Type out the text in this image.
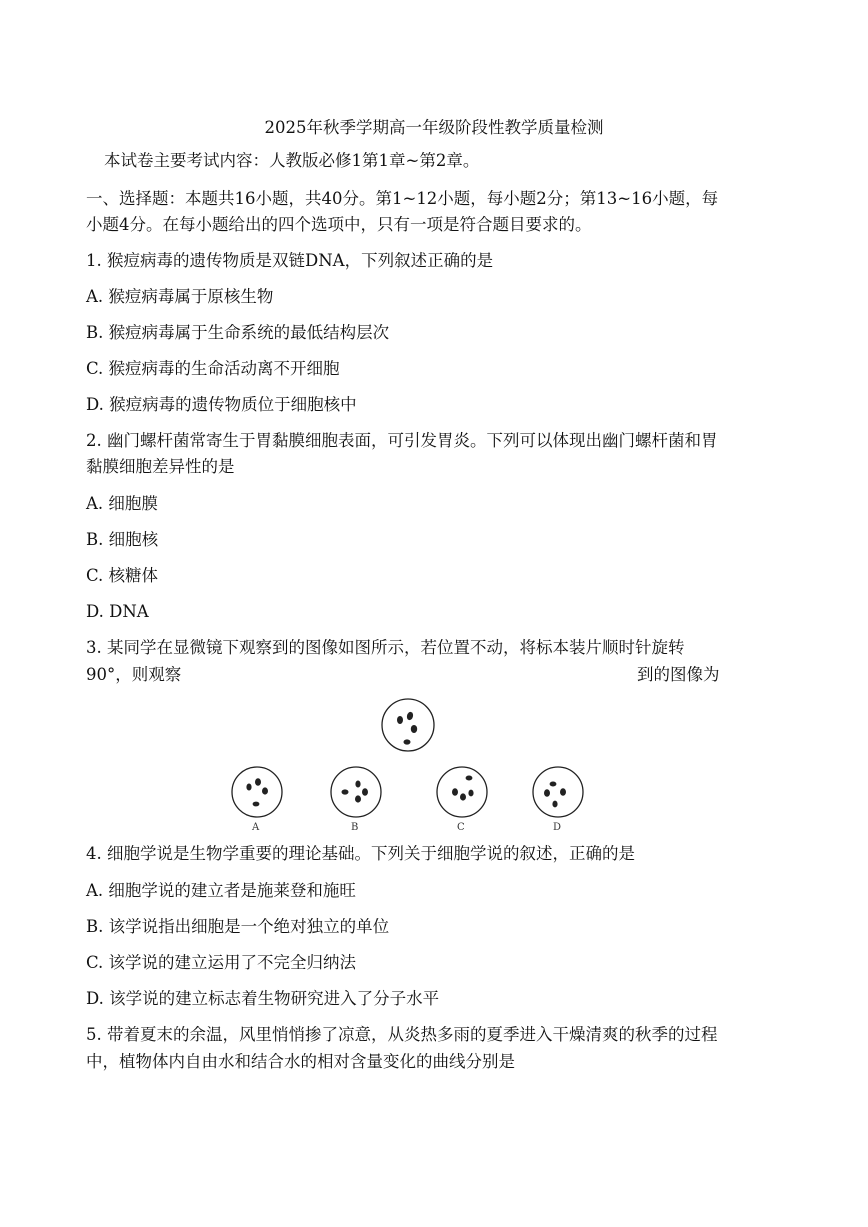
2025年秋季学期高一年级阶段性教学质量检测
本试卷主要考试内容：人教版必修1第1章~第2章。
一、选择题：本题共16小题，共40分。第1~12小题，每小题2分；第13~16小题，每
小题4分。在每小题给出的四个选项中，只有一项是符合题目要求的。
1. 猴痘病毒的遗传物质是双链DNA，下列叙述正确的是
A. 猴痘病毒属于原核生物
B. 猴痘病毒属于生命系统的最低结构层次
C. 猴痘病毒的生命活动离不开细胞
D. 猴痘病毒的遗传物质位于细胞核中
2. 幽门螺杆菌常寄生于胃黏膜细胞表面，可引发胃炎。下列可以体现出幽门螺杆菌和胃
黏膜细胞差异性的是
A. 细胞膜
B. 细胞核
C. 核糖体
D. DNA
3. 某同学在显微镜下观察到的图像如图所示，若位置不动，将标本装片顺时针旋转
90°，则观察	到的图像为
A	B	C	D
4. 细胞学说是生物学重要的理论基础。下列关于细胞学说的叙述，正确的是
A. 细胞学说的建立者是施莱登和施旺
B. 该学说指出细胞是一个绝对独立的单位
C. 该学说的建立运用了不完全归纳法
D. 该学说的建立标志着生物研究进入了分子水平
5. 带着夏末的余温，风里悄悄掺了凉意，从炎热多雨的夏季进入干燥清爽的秋季的过程
中，植物体内自由水和结合水的相对含量变化的曲线分别是
